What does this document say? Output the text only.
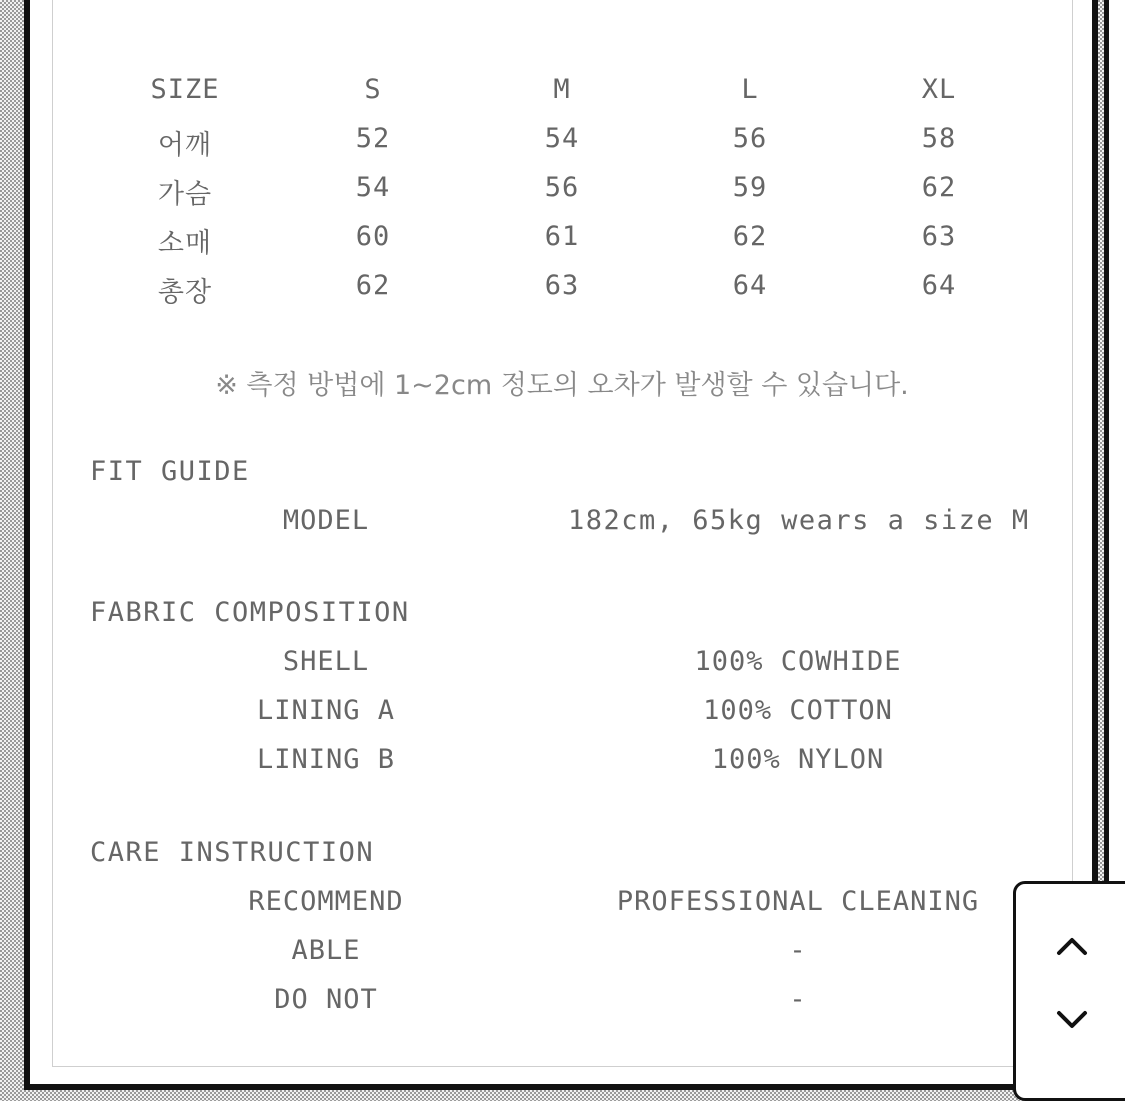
SIZE	S	M	L	XL
어깨	52	54	56	58
가슴	54	56	59	62
소매	60	61	62	63
총장	62	63	64	64
※ 측정 방법에 1~2cm 정도의 오차가 발생할 수 있습니다.
FIT GUIDE
MODEL	182cm, 65kg wears a size M
FABRIC COMPOSITION
SHELL	100% COWHIDE
LINING A	100% COTTON
LINING B	100% NYLON
CARE INSTRUCTION
RECOMMEND	PROFESSIONAL CLEANING
ABLE	-
DO NOT	-
